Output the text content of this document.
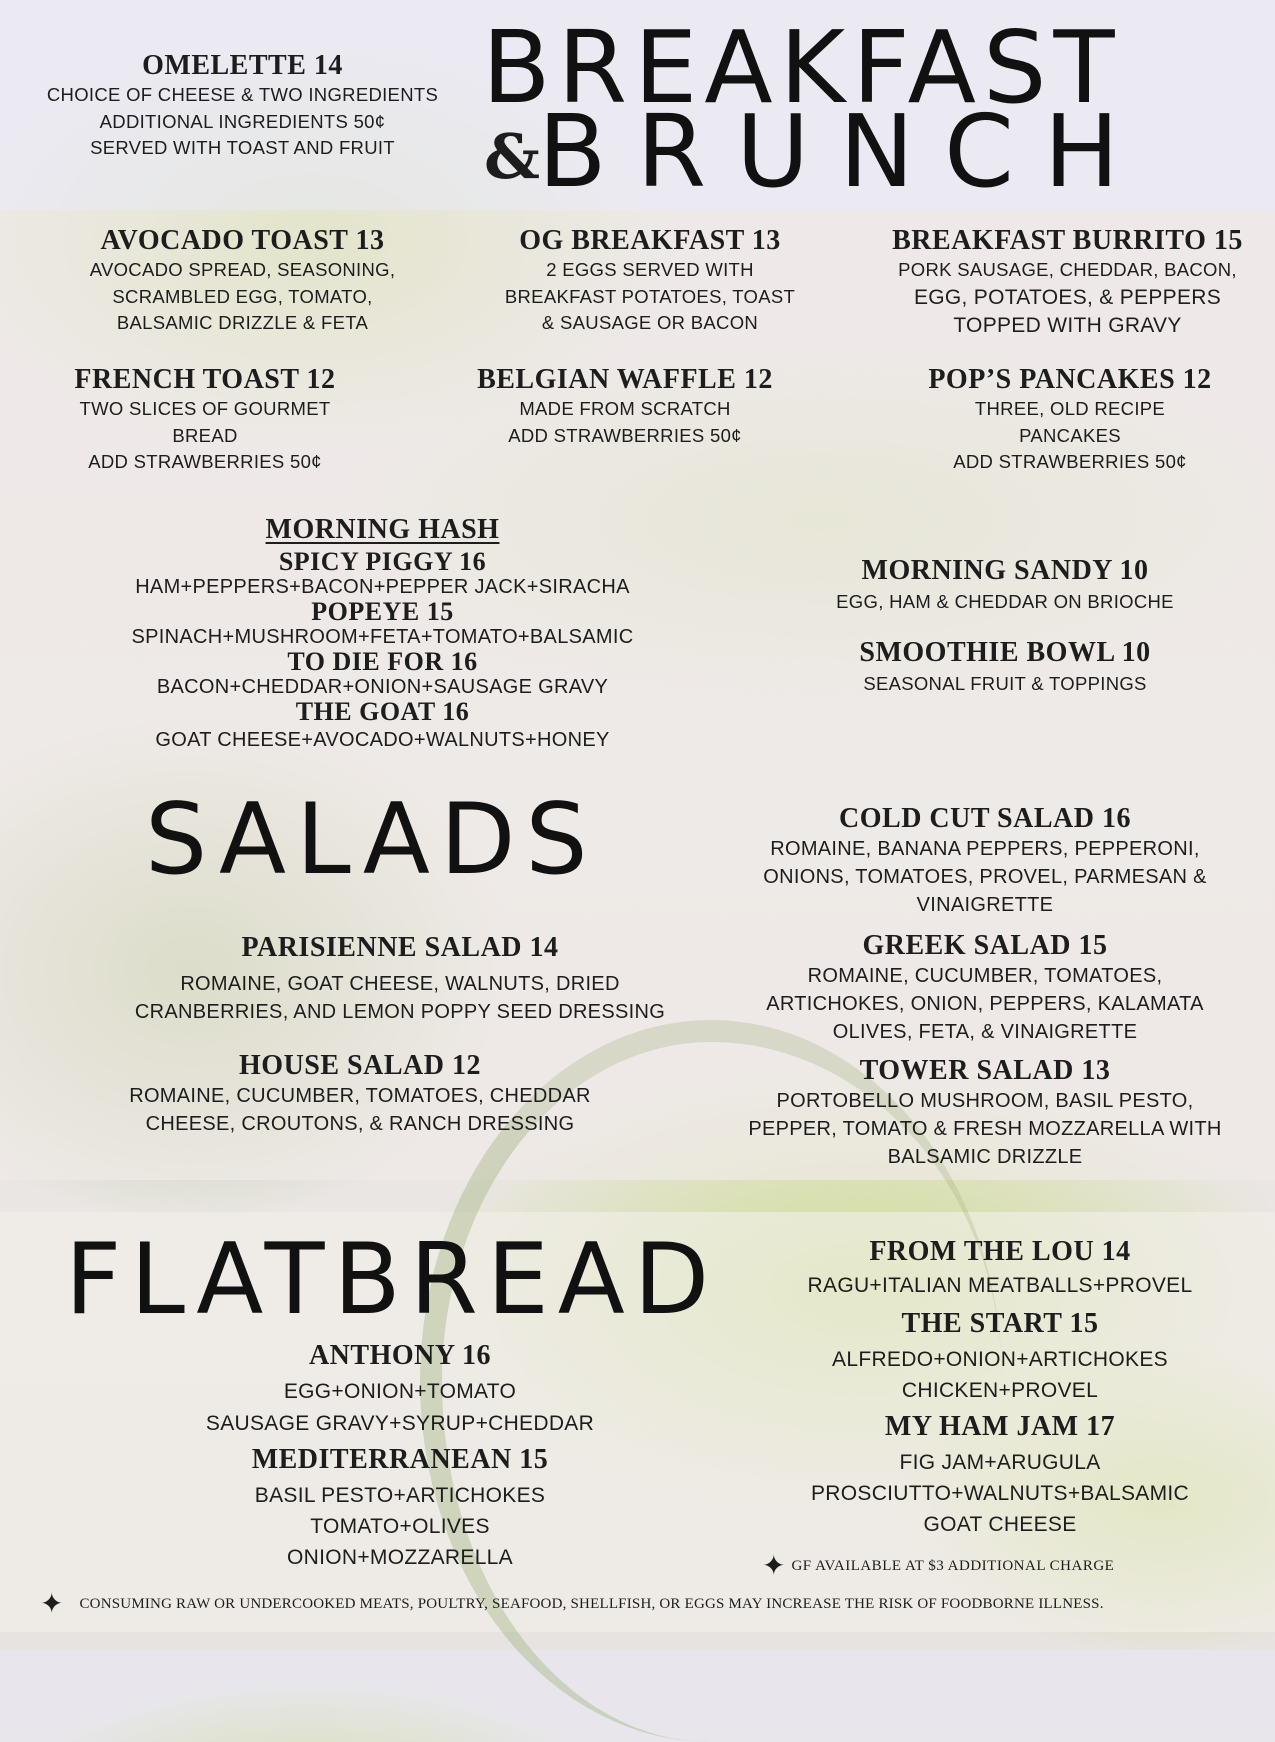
OMELETTE 14
CHOICE OF CHEESE & TWO INGREDIENTS
ADDITIONAL INGREDIENTS 50¢
SERVED WITH TOAST AND FRUIT
BREAKFAST
&
BRUNCH
AVOCADO TOAST 13
AVOCADO SPREAD, SEASONING,
SCRAMBLED EGG, TOMATO,
BALSAMIC DRIZZLE & FETA
OG BREAKFAST 13
2 EGGS SERVED WITH
BREAKFAST POTATOES, TOAST
& SAUSAGE OR BACON
BREAKFAST BURRITO 15
PORK SAUSAGE, CHEDDAR, BACON,
EGG, POTATOES, & PEPPERS
TOPPED WITH GRAVY
FRENCH TOAST 12
TWO SLICES OF GOURMET
BREAD
ADD STRAWBERRIES 50¢
BELGIAN WAFFLE 12
MADE FROM SCRATCH
ADD STRAWBERRIES 50¢
POP’S PANCAKES 12
THREE, OLD RECIPE
PANCAKES
ADD STRAWBERRIES 50¢
MORNING HASH
SPICY PIGGY 16
HAM+PEPPERS+BACON+PEPPER JACK+SIRACHA
POPEYE 15
SPINACH+MUSHROOM+FETA+TOMATO+BALSAMIC
TO DIE FOR 16
BACON+CHEDDAR+ONION+SAUSAGE GRAVY
THE GOAT 16
GOAT CHEESE+AVOCADO+WALNUTS+HONEY
MORNING SANDY 10
EGG, HAM & CHEDDAR ON BRIOCHE
SMOOTHIE BOWL 10
SEASONAL FRUIT & TOPPINGS
SALADS
PARISIENNE SALAD 14
ROMAINE, GOAT CHEESE, WALNUTS, DRIED
CRANBERRIES, AND LEMON POPPY SEED DRESSING
HOUSE SALAD 12
ROMAINE, CUCUMBER, TOMATOES, CHEDDAR
CHEESE, CROUTONS, & RANCH DRESSING
COLD CUT SALAD 16
ROMAINE, BANANA PEPPERS, PEPPERONI,
ONIONS, TOMATOES, PROVEL, PARMESAN &
VINAIGRETTE
GREEK SALAD 15
ROMAINE, CUCUMBER, TOMATOES,
ARTICHOKES, ONION, PEPPERS, KALAMATA
OLIVES, FETA, & VINAIGRETTE
TOWER SALAD 13
PORTOBELLO MUSHROOM, BASIL PESTO,
PEPPER, TOMATO & FRESH MOZZARELLA WITH
BALSAMIC DRIZZLE
FLATBREAD
ANTHONY 16
EGG+ONION+TOMATO
SAUSAGE GRAVY+SYRUP+CHEDDAR
MEDITERRANEAN 15
BASIL PESTO+ARTICHOKES
TOMATO+OLIVES
ONION+MOZZARELLA
FROM THE LOU 14
RAGU+ITALIAN MEATBALLS+PROVEL
THE START 15
ALFREDO+ONION+ARTICHOKES
CHICKEN+PROVEL
MY HAM JAM 17
FIG JAM+ARUGULA
PROSCIUTTO+WALNUTS+BALSAMIC
GOAT CHEESE
✦ GF AVAILABLE AT $3 ADDITIONAL CHARGE
✦ CONSUMING RAW OR UNDERCOOKED MEATS, POULTRY, SEAFOOD, SHELLFISH, OR EGGS MAY INCREASE THE RISK OF FOODBORNE ILLNESS.
